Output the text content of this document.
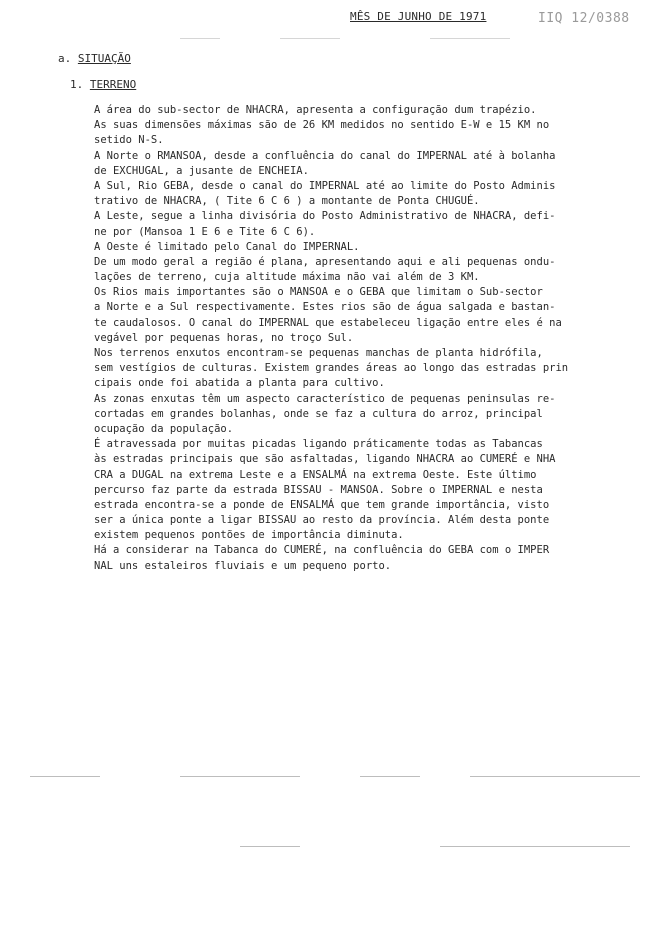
MÊS DE JUNHO DE 1971	IIQ 12/0388
a. SITUAÇÃO
1. TERRENO
A área do sub-sector de NHACRA, apresenta a configuração dum trapézio.
As suas dimensões máximas são de 26 KM medidos no sentido E-W e 15 KM no
setido N-S.
A Norte o RMANSOA, desde a confluência do canal do IMPERNAL até à bolanha
de EXCHUGAL, a jusante de ENCHEIA.
A Sul, Rio GEBA, desde o canal do IMPERNAL até ao limite do Posto Adminis
trativo de NHACRA, ( Tite 6 C 6 ) a montante de Ponta CHUGUÉ.
A Leste, segue a linha divisória do Posto Administrativo de NHACRA, defi-
ne por (Mansoa 1 E 6 e Tite 6 C 6).
A Oeste é limitado pelo Canal do IMPERNAL.
De um modo geral a região é plana, apresentando aqui e ali pequenas ondu-
lações de terreno, cuja altitude máxima não vai além de 3 KM.
Os Rios mais importantes são o MANSOA e o GEBA que limitam o Sub-sector
a Norte e a Sul respectivamente. Estes rios são de água salgada e bastan-
te caudalosos. O canal do IMPERNAL que estabeleceu ligação entre eles é na
vegável por pequenas horas, no troço Sul.
Nos terrenos enxutos encontram-se pequenas manchas de planta hidrófila,
sem vestígios de culturas. Existem grandes áreas ao longo das estradas prin
cipais onde foi abatida a planta para cultivo.
As zonas enxutas têm um aspecto característico de pequenas peninsulas re-
cortadas em grandes bolanhas, onde se faz a cultura do arroz, principal
ocupação da população.
É atravessada por muitas picadas ligando práticamente todas as Tabancas
às estradas principais que são asfaltadas, ligando NHACRA ao CUMERÉ e NHA
CRA a DUGAL na extrema Leste e a ENSALMÁ na extrema Oeste. Este último
percurso faz parte da estrada BISSAU - MANSOA. Sobre o IMPERNAL e nesta
estrada encontra-se a ponde de ENSALMÁ que tem grande importância, visto
ser a única ponte a ligar BISSAU ao resto da província. Além desta ponte
existem pequenos pontões de importância diminuta.
Há a considerar na Tabanca do CUMERÉ, na confluência do GEBA com o IMPER
NAL uns estaleiros fluviais e um pequeno porto.
